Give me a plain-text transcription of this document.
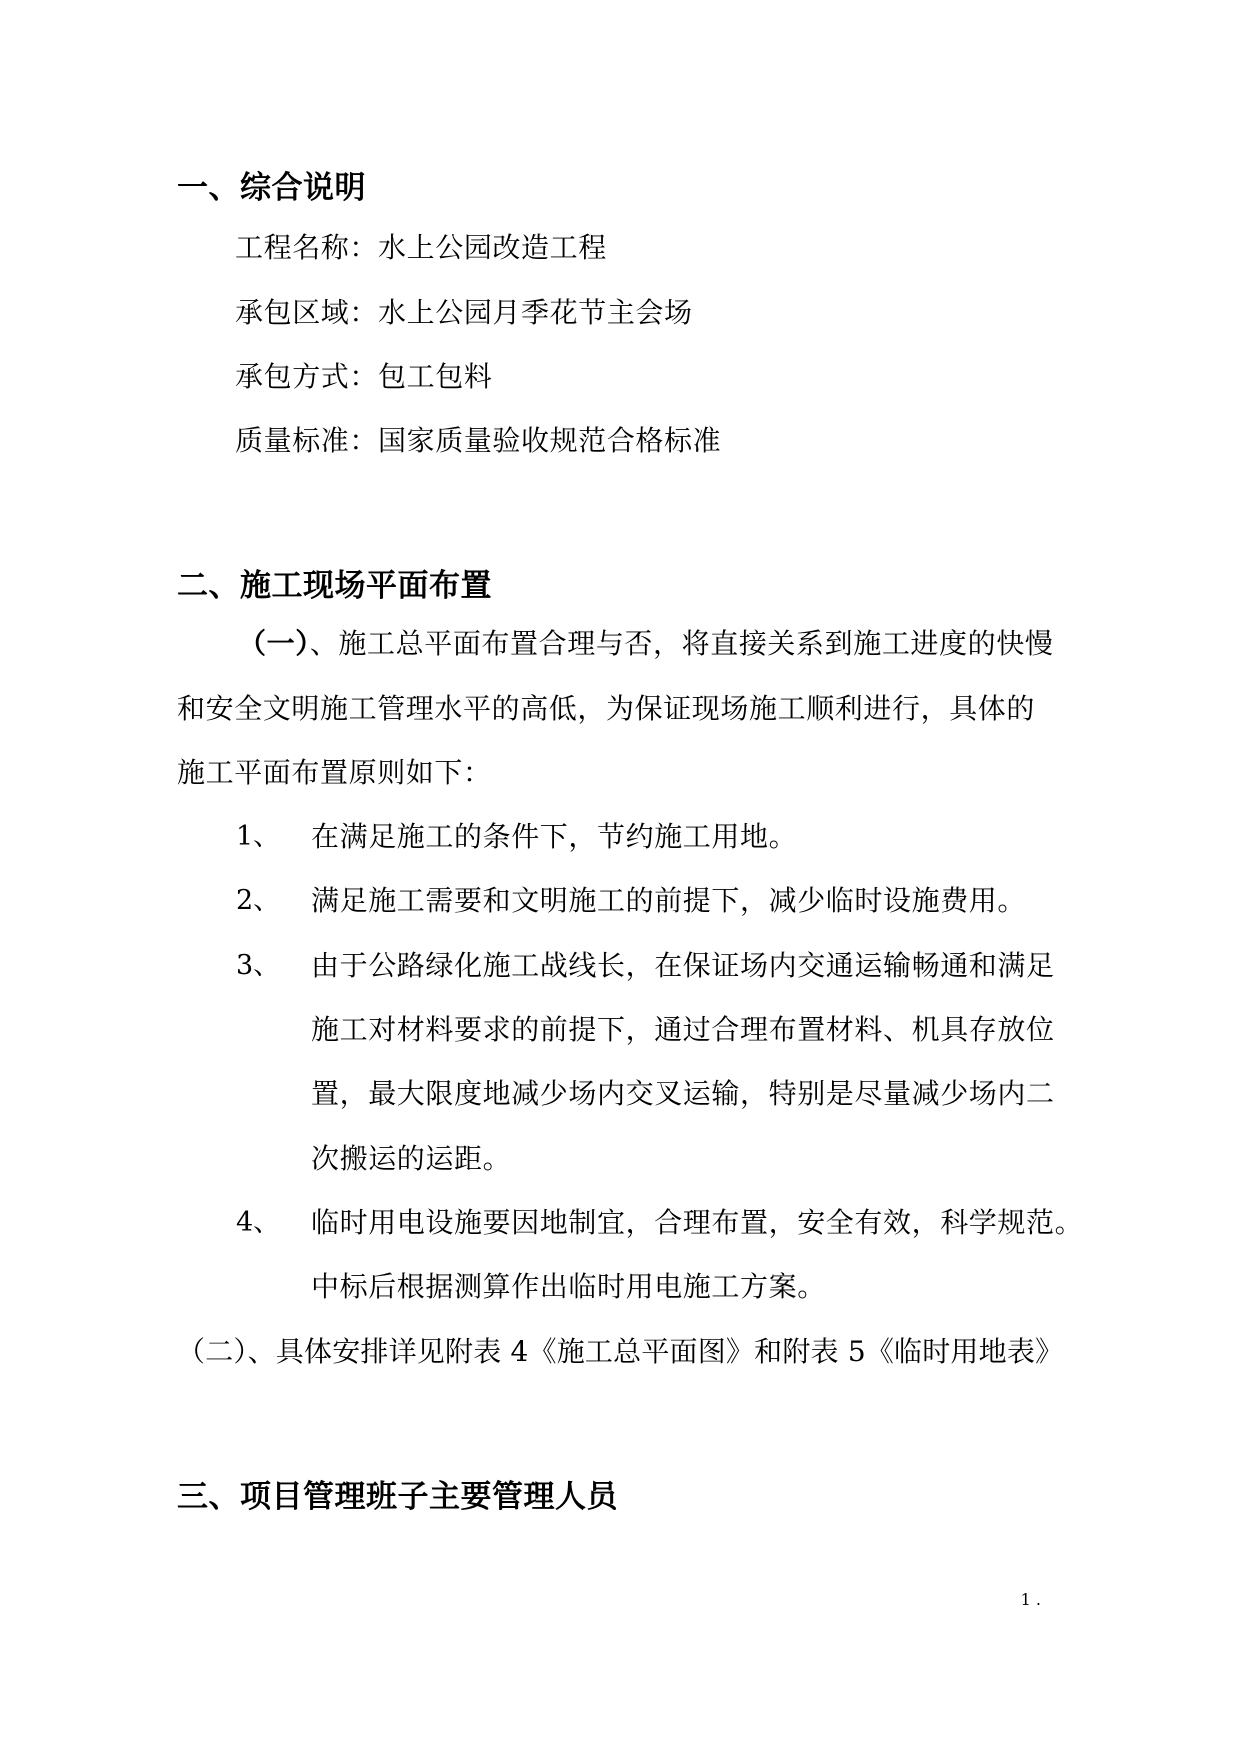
一、综合说明
工程名称：水上公园改造工程
承包区域：水上公园月季花节主会场
承包方式：包工包料
质量标准：国家质量验收规范合格标准
二、施工现场平面布置
（一）、施工总平面布置合理与否，将直接关系到施工进度的快慢
和安全文明施工管理水平的高低，为保证现场施工顺利进行，具体的
施工平面布置原则如下：
1、 在满足施工的条件下，节约施工用地。
2、 满足施工需要和文明施工的前提下，减少临时设施费用。
3、 由于公路绿化施工战线长，在保证场内交通运输畅通和满足
施工对材料要求的前提下，通过合理布置材料、机具存放位
置，最大限度地减少场内交叉运输，特别是尽量减少场内二
次搬运的运距。
4、 临时用电设施要因地制宜，合理布置，安全有效，科学规范。
中标后根据测算作出临时用电施工方案。
（二）、具体安排详见附表 4《施工总平面图》和附表 5《临时用地表》
三、项目管理班子主要管理人员
1 .
